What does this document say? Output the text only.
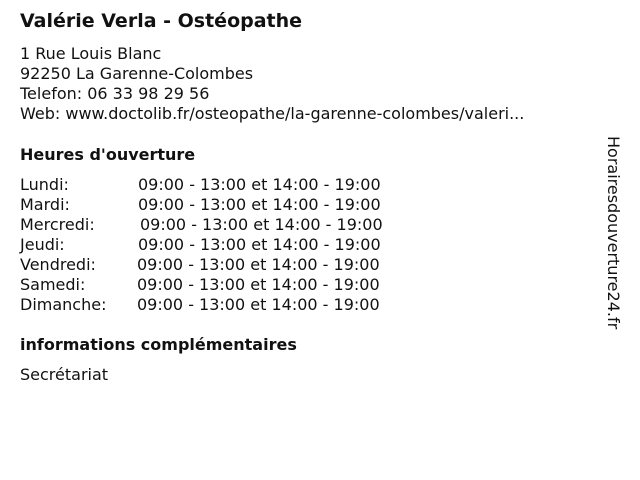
Valérie Verla - Ostéopathe
1 Rue Louis Blanc
92250 La Garenne-Colombes
Telefon: 06 33 98 29 56
Web: www.doctolib.fr/osteopathe/la-garenne-colombes/valeri...
Heures d'ouverture
Lundi:	09:00 - 13:00 et 14:00 - 19:00
Mardi:	09:00 - 13:00 et 14:00 - 19:00
Mercredi:	09:00 - 13:00 et 14:00 - 19:00
Jeudi:	09:00 - 13:00 et 14:00 - 19:00
Vendredi:	09:00 - 13:00 et 14:00 - 19:00
Samedi:	09:00 - 13:00 et 14:00 - 19:00
Dimanche: 09:00 - 13:00 et 14:00 - 19:00
informations complémentaires
Secrétariat
Horairesdouverture24.fr
